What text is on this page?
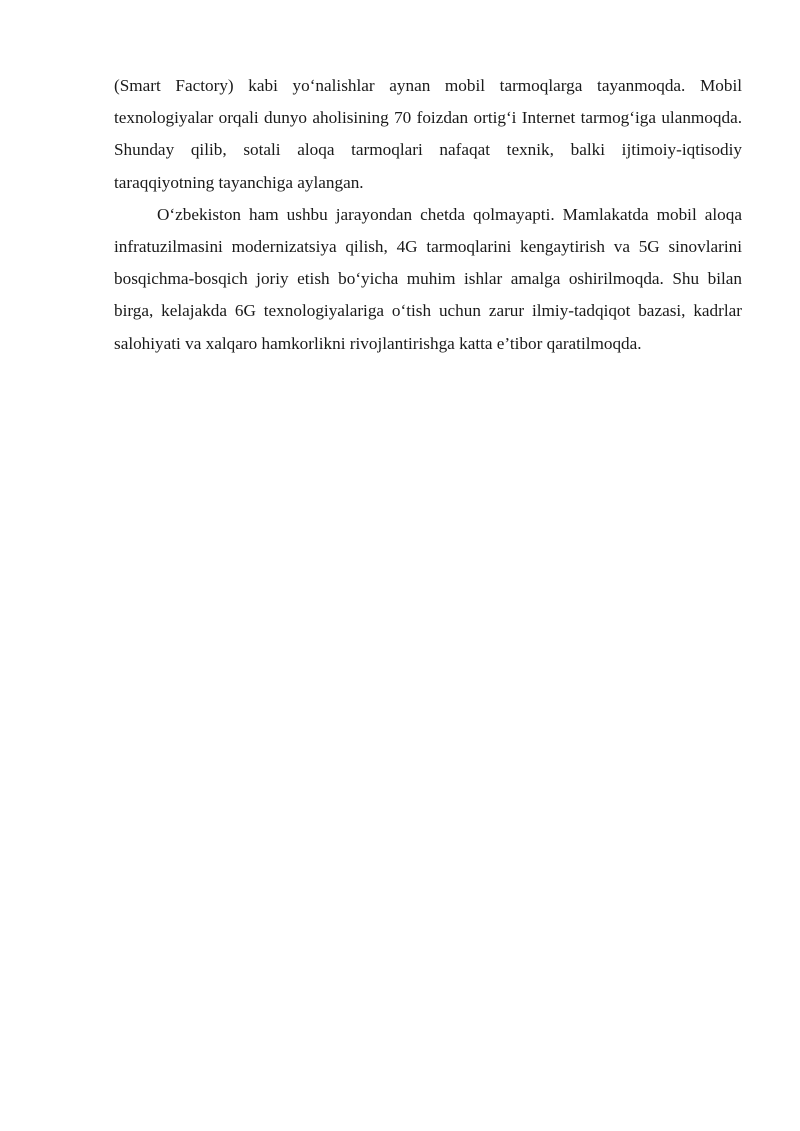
(Smart Factory) kabi yo‘nalishlar aynan mobil tarmoqlarga tayanmoqda. Mobil texnologiyalar orqali dunyo aholisining 70 foizdan ortig‘i Internet tarmog‘iga ulanmoqda. Shunday qilib, sotali aloqa tarmoqlari nafaqat texnik, balki ijtimoiy-iqtisodiy taraqqiyotning tayanchiga aylangan.

O‘zbekiston ham ushbu jarayondan chetda qolmayapti. Mamlakatda mobil aloqa infratuzilmasini modernizatsiya qilish, 4G tarmoqlarini kengaytirish va 5G sinovlarini bosqichma-bosqich joriy etish bo‘yicha muhim ishlar amalga oshirilmoqda. Shu bilan birga, kelajakda 6G texnologiyalariga o‘tish uchun zarur ilmiy-tadqiqot bazasi, kadrlar salohiyati va xalqaro hamkorlikni rivojlantirishga katta e’tibor qaratilmoqda.
